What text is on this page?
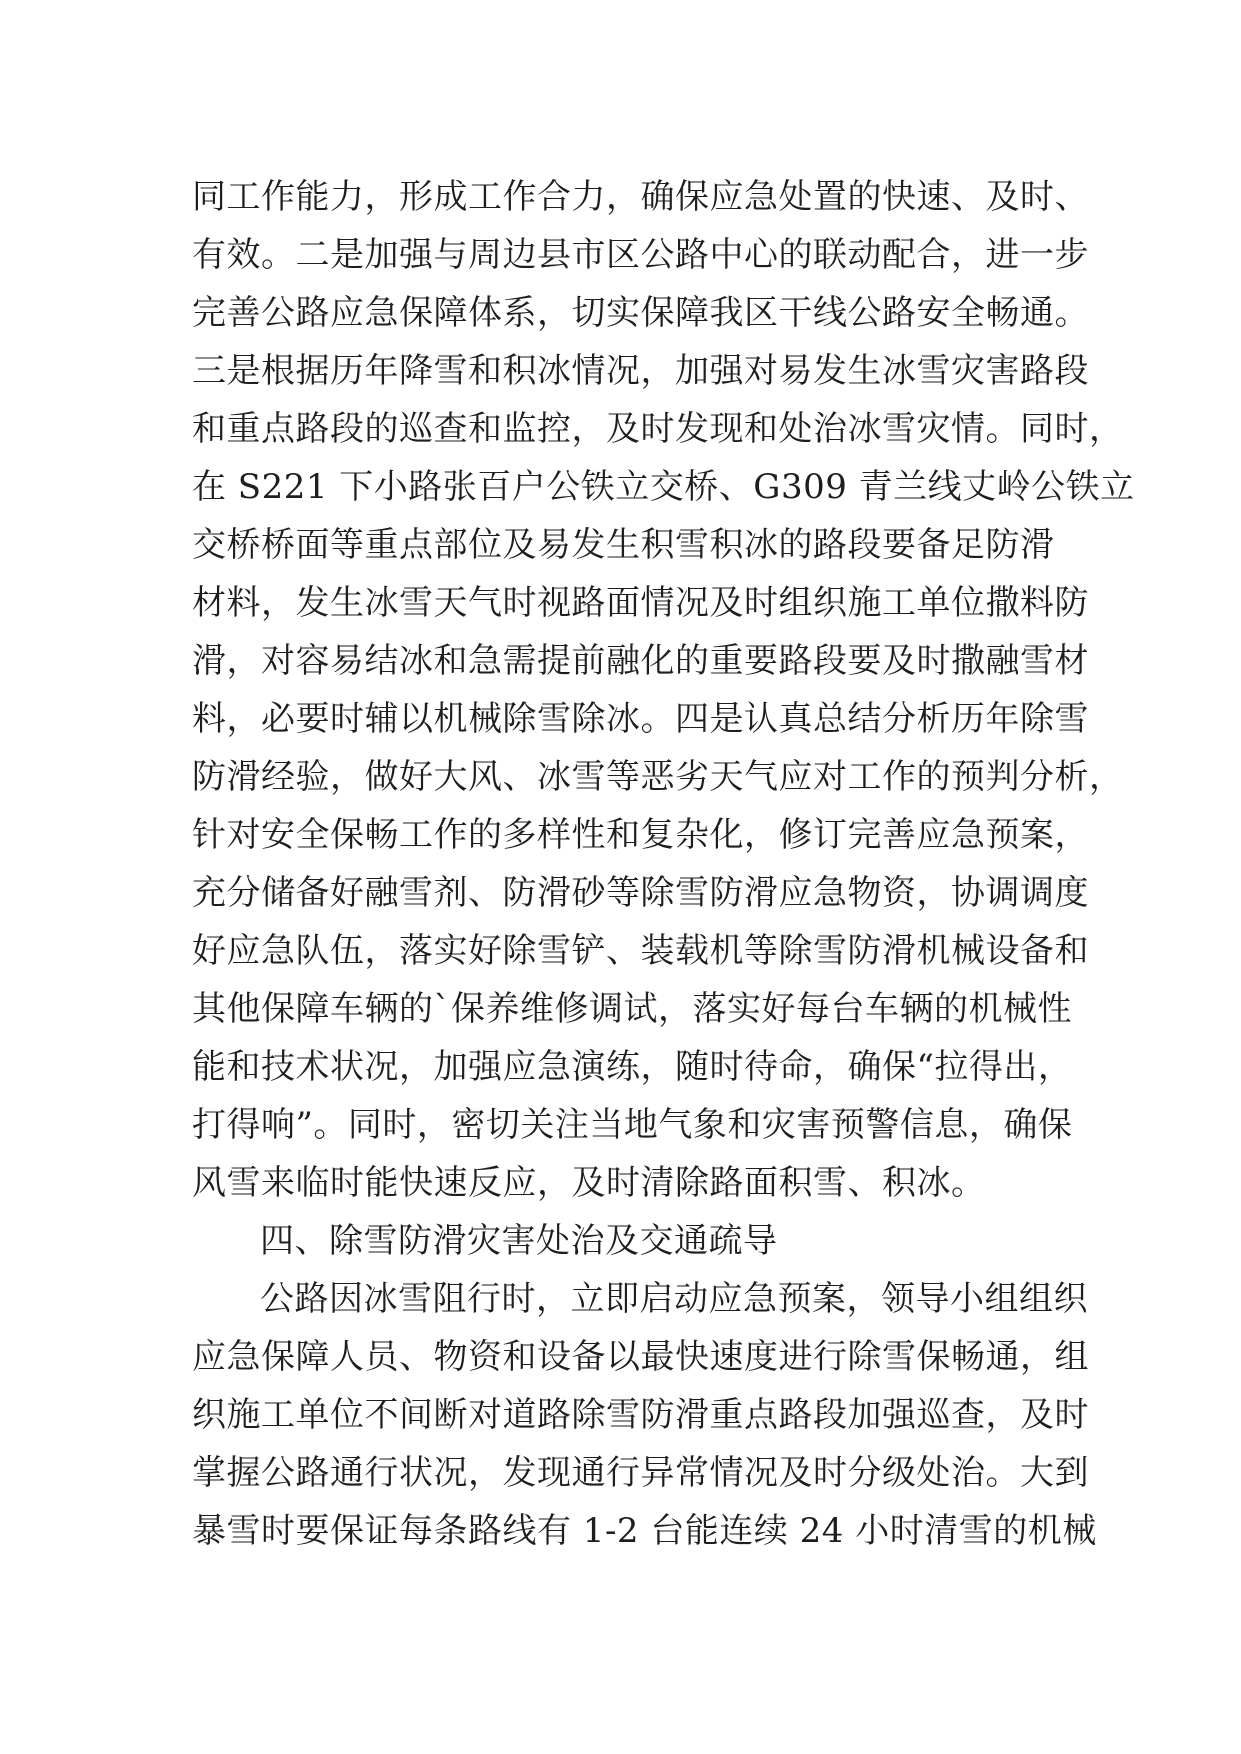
同工作能力，形成工作合力，确保应急处置的快速、及时、
有效。二是加强与周边县市区公路中心的联动配合，进一步
完善公路应急保障体系，切实保障我区干线公路安全畅通。
三是根据历年降雪和积冰情况，加强对易发生冰雪灾害路段
和重点路段的巡查和监控，及时发现和处治冰雪灾情。同时，
在 S221 下小路张百户公铁立交桥、G309 青兰线丈岭公铁立
交桥桥面等重点部位及易发生积雪积冰的路段要备足防滑
材料，发生冰雪天气时视路面情况及时组织施工单位撒料防
滑，对容易结冰和急需提前融化的重要路段要及时撒融雪材
料，必要时辅以机械除雪除冰。四是认真总结分析历年除雪
防滑经验，做好大风、冰雪等恶劣天气应对工作的预判分析，
针对安全保畅工作的多样性和复杂化，修订完善应急预案，
充分储备好融雪剂、防滑砂等除雪防滑应急物资，协调调度
好应急队伍，落实好除雪铲、装载机等除雪防滑机械设备和
其他保障车辆的`保养维修调试，落实好每台车辆的机械性
能和技术状况，加强应急演练，随时待命，确保“拉得出，
打得响”。同时，密切关注当地气象和灾害预警信息，确保
风雪来临时能快速反应，及时清除路面积雪、积冰。
四、除雪防滑灾害处治及交通疏导
公路因冰雪阻行时，立即启动应急预案，领导小组组织
应急保障人员、物资和设备以最快速度进行除雪保畅通，组
织施工单位不间断对道路除雪防滑重点路段加强巡查，及时
掌握公路通行状况，发现通行异常情况及时分级处治。大到
暴雪时要保证每条路线有 1-2 台能连续 24 小时清雪的机械
